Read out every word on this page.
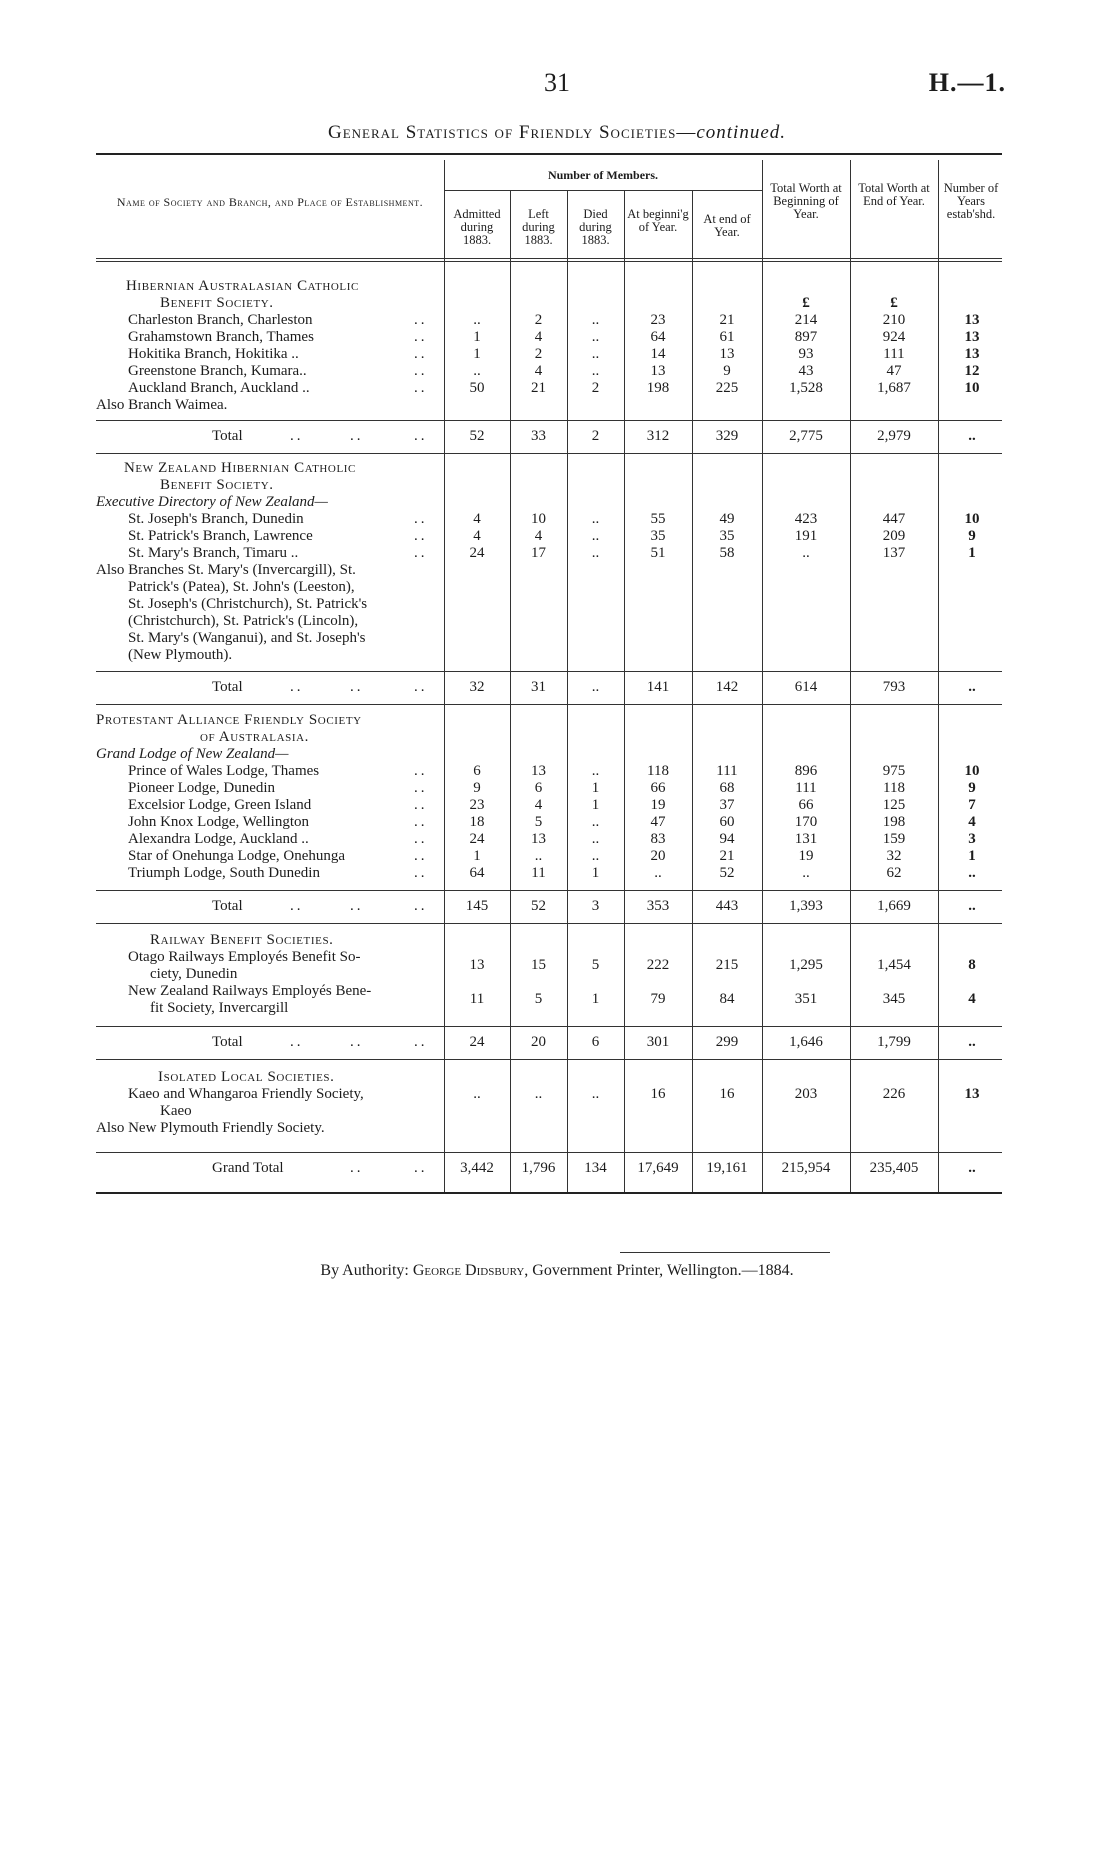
31	H.—1.
General Statistics of Friendly Societies—continued.
Name of Society and Branch, and Place of Establishment.
Number of Members.
Admitted during 1883.
Left during 1883.
Died during 1883.
At beginni'g of Year.
At end of Year.
Total Worth at Beginning of Year.
Total Worth at End of Year.
Number of Years estab'shd.
Hibernian Australasian Catholic
Benefit Society.	£	£
Charleston Branch, Charleston	..	..	2	..	23	21	214	210	13
Grahamstown Branch, Thames	..	1	4	..	64	61	897	924	13
Hokitika Branch, Hokitika ..	..	1	2	..	14	13	93	111	13
Greenstone Branch, Kumara..	..	..	4	..	13	9	43	47	12
Auckland Branch, Auckland ..	..	50	21	2	198	225	1,528	1,687	10
Also Branch Waimea.
Total	..	..	..	52	33	2	312	329	2,775	2,979	..
New Zealand Hibernian Catholic
Benefit Society.
Executive Directory of New Zealand—
St. Joseph's Branch, Dunedin	..	4	10	..	55	49	423	447	10
St. Patrick's Branch, Lawrence	..	4	4	..	35	35	191	209	9
St. Mary's Branch, Timaru ..	..	24	17	..	51	58	..	137	1
Also Branches St. Mary's (Invercargill), St.
Patrick's (Patea), St. John's (Leeston),
St. Joseph's (Christchurch), St. Patrick's
(Christchurch), St. Patrick's (Lincoln),
St. Mary's (Wanganui), and St. Joseph's
(New Plymouth).
Total	..	..	..	32	31	..	141	142	614	793	..
Protestant Alliance Friendly Society
of Australasia.
Grand Lodge of New Zealand—
Prince of Wales Lodge, Thames	..	6	13	..	118	111	896	975	10
Pioneer Lodge, Dunedin	..	9	6	1	66	68	111	118	9
Excelsior Lodge, Green Island	..	23	4	1	19	37	66	125	7
John Knox Lodge, Wellington	..	18	5	..	47	60	170	198	4
Alexandra Lodge, Auckland ..	..	24	13	..	83	94	131	159	3
Star of Onehunga Lodge, Onehunga	..	1	..	..	20	21	19	32	1
Triumph Lodge, South Dunedin	..	64	11	1	..	52	..	62	..
Total	..	..	..	145	52	3	353	443	1,393	1,669	..
Railway Benefit Societies.
Otago Railways Employés Benefit So-
ciety, Dunedin
13	15	5	222	215	1,295	1,454	8
New Zealand Railways Employés Bene-
fit Society, Invercargill
11	5	1	79	84	351	345	4
Total	..	..	..	24	20	6	301	299	1,646	1,799	..
Isolated Local Societies.
Kaeo and Whangaroa Friendly Society,
Kaeo
..	..	..	16	16	203	226	13
Also New Plymouth Friendly Society.
Grand Total	..	..	3,442	1,796	134	17,649	19,161	215,954	235,405	..
By Authority: George Didsbury, Government Printer, Wellington.—1884.
